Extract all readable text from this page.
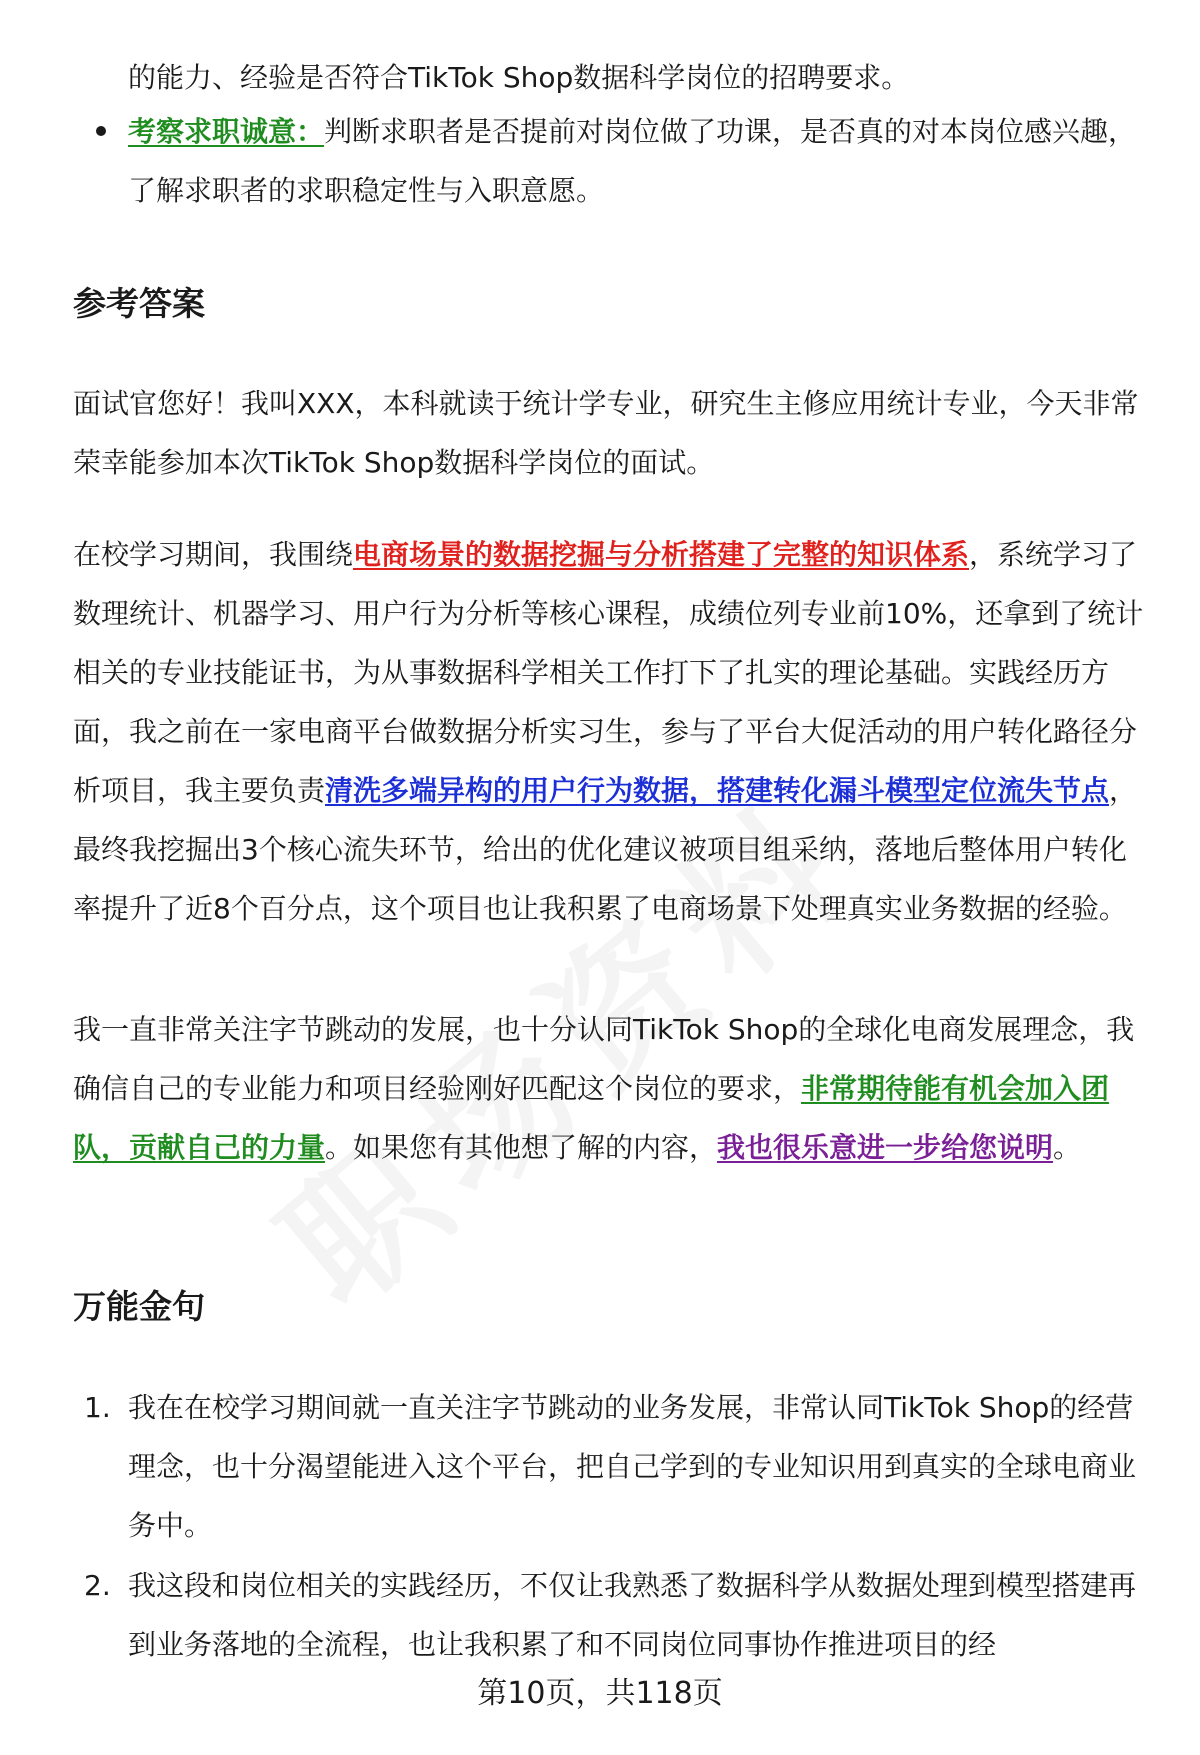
的能力、经验是否符合TikTok Shop数据科学岗位的招聘要求。

考察求职诚意：判断求职者是否提前对岗位做了功课，是否真的对本岗位感兴趣，了解求职者的求职稳定性与入职意愿。

参考答案

面试官您好！我叫XXX，本科就读于统计学专业，研究生主修应用统计专业，今天非常荣幸能参加本次TikTok Shop数据科学岗位的面试。

在校学习期间，我围绕电商场景的数据挖掘与分析搭建了完整的知识体系，系统学习了数理统计、机器学习、用户行为分析等核心课程，成绩位列专业前10%，还拿到了统计相关的专业技能证书，为从事数据科学相关工作打下了扎实的理论基础。实践经历方面，我之前在一家电商平台做数据分析实习生，参与了平台大促活动的用户转化路径分析项目，我主要负责清洗多端异构的用户行为数据，搭建转化漏斗模型定位流失节点，最终我挖掘出3个核心流失环节，给出的优化建议被项目组采纳，落地后整体用户转化率提升了近8个百分点，这个项目也让我积累了电商场景下处理真实业务数据的经验。

我一直非常关注字节跳动的发展，也十分认同TikTok Shop的全球化电商发展理念，我确信自己的专业能力和项目经验刚好匹配这个岗位的要求，非常期待能有机会加入团队，贡献自己的力量。如果您有其他想了解的内容，我也很乐意进一步给您说明。

万能金句
1. 我在在校学习期间就一直关注字节跳动的业务发展，非常认同TikTok Shop的经营理念，也十分渴望能进入这个平台，把自己学到的专业知识用到真实的全球电商业务中。

2. 我这段和岗位相关的实践经历，不仅让我熟悉了数据科学从数据处理到模型搭建再到业务落地的全流程，也让我积累了和不同岗位同事协作推进项目的经

第10页，共118页
